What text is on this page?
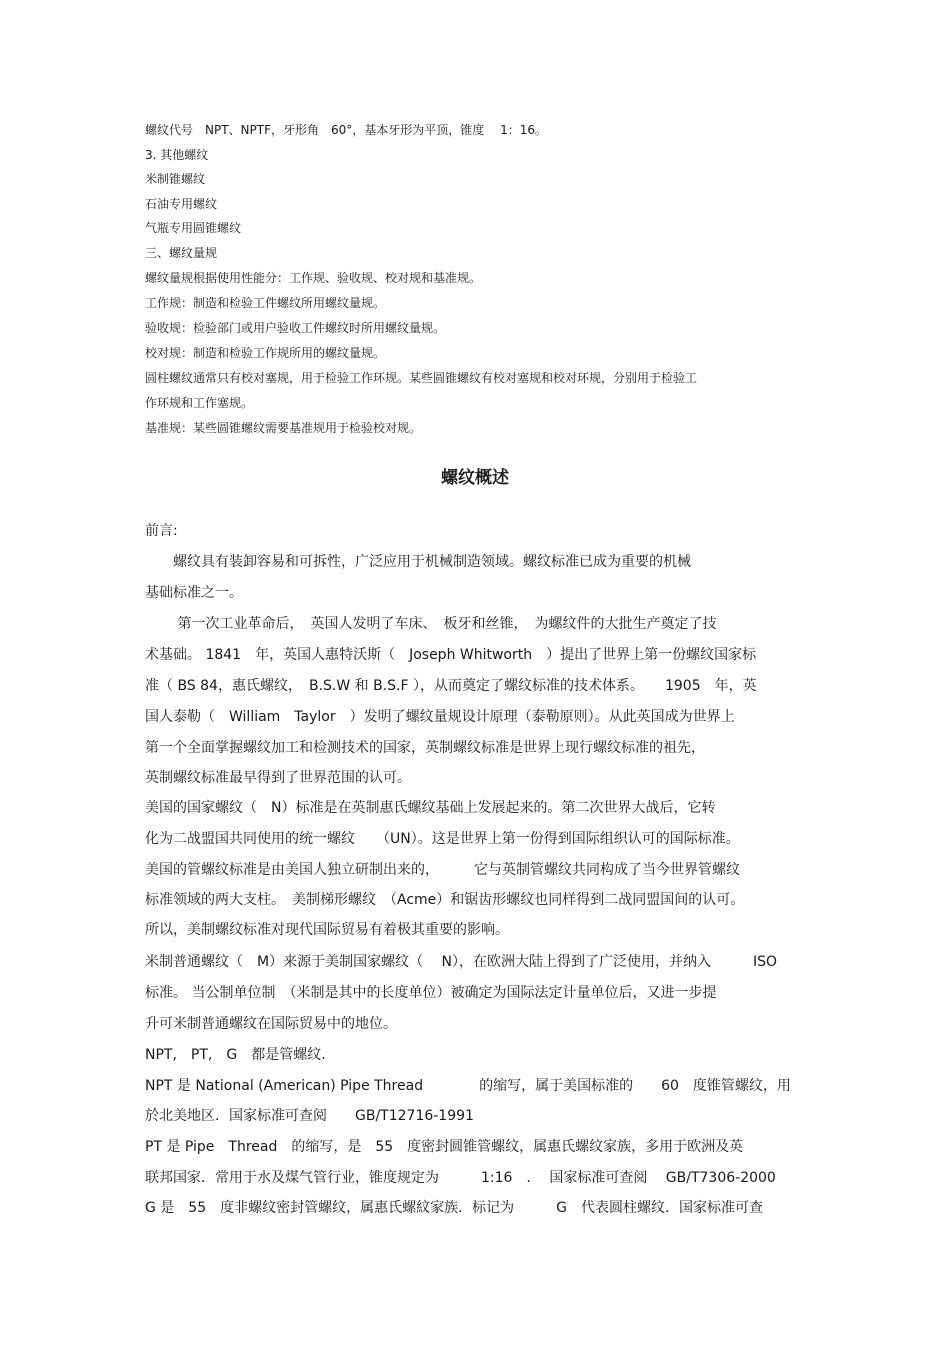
螺纹代号　NPT、NPTF，牙形角　60°，基本牙形为平顶，锥度　 1：16。

3. 其他螺纹

米制锥螺纹

石油专用螺纹

气瓶专用圆锥螺纹

三、螺纹量规

螺纹量规根据使用性能分：工作规、验收规、校对规和基准规。

工作规：制造和检验工件螺纹所用螺纹量规。

验收规：检验部门或用户验收工件螺纹时所用螺纹量规。

校对规：制造和检验工作规所用的螺纹量规。

圆柱螺纹通常只有校对塞规，用于检验工作环规。某些圆锥螺纹有校对塞规和校对环规，分别用于检验工

作环规和工作塞规。

基准规：某些圆锥螺纹需要基准规用于检验校对规。

螺纹概述

前言:

　　螺纹具有装卸容易和可拆性，广泛应用于机械制造领域。螺纹标准已成为重要的机械

基础标准之一。

　　 第一次工业革命后，　英国人发明了车床、　板牙和丝锥，　为螺纹件的大批生产奠定了技

术基础。 1841　年，英国人惠特沃斯（　Joseph Whitworth　）提出了世界上第一份螺纹国家标

准（ BS 84，惠氏螺纹，　B.S.W 和 B.S.F ），从而奠定了螺纹标准的技术体系。　　1905　年，英

国人泰勒（　William　Taylor　）发明了螺纹量规设计原理（泰勒原则）。从此英国成为世界上

第一个全面掌握螺纹加工和检测技术的国家，英制螺纹标准是世界上现行螺纹标准的祖先，

英制螺纹标准最早得到了世界范围的认可。

美国的国家螺纹（　N）标准是在英制惠氏螺纹基础上发展起来的。第二次世界大战后，它转

化为二战盟国共同使用的统一螺纹　　（UN）。这是世界上第一份得到国际组织认可的国际标准。

美国的管螺纹标准是由美国人独立研制出来的，　　　它与英制管螺纹共同构成了当今世界管螺纹

标准领域的两大支柱。　美制梯形螺纹　（Acme）和锯齿形螺纹也同样得到二战同盟国间的认可。

所以，美制螺纹标准对现代国际贸易有着极其重要的影响。

米制普通螺纹（　M）来源于美制国家螺纹（　 N），在欧洲大陆上得到了广泛使用，并纳入　　　ISO

标准。 当公制单位制　（米制是其中的长度单位）被确定为国际法定计量单位后，又进一步提

升可米制普通螺纹在国际贸易中的地位。

NPT,　PT,　G　都是管螺纹.

NPT 是 National (American) Pipe Thread　　　　的缩写，属于美国标准的　　60　度锥管螺纹，用

於北美地区．国家标准可查阅　　GB/T12716-1991

PT 是 Pipe　Thread　的缩写，是　55　度密封圆锥管螺纹，属惠氏螺纹家族，多用于欧洲及英

联邦国家．常用于水及煤气管行业，锥度规定为　　　1:16　.　 国家标准可查阅　 GB/T7306-2000

G 是　55　度非螺纹密封管螺纹，属惠氏螺紋家族．标记为　　　G　代表圆柱螺纹．国家标准可查
